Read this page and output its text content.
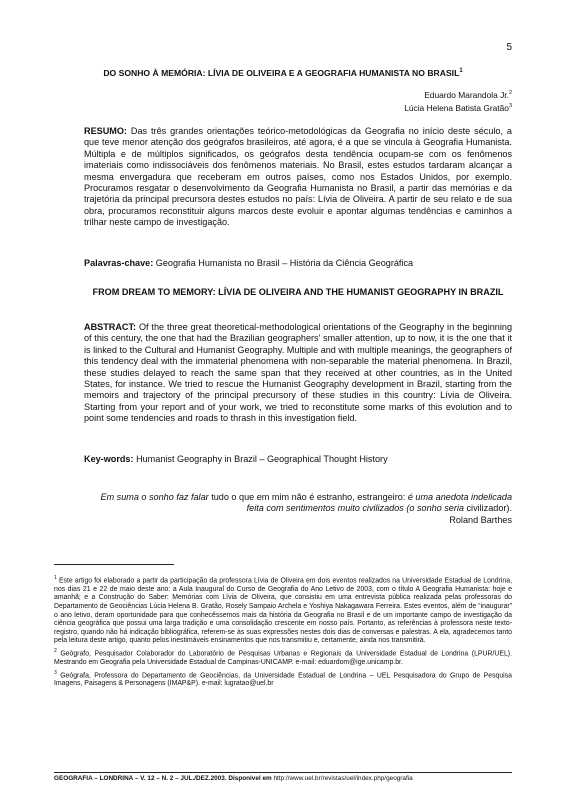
5
DO SONHO À MEMÓRIA: LÍVIA DE OLIVEIRA E A GEOGRAFIA HUMANISTA NO BRASIL$^1$
Eduardo Marandola Jr.$^2$
Lúcia Helena Batista Gratão$^3$
RESUMO: Das três grandes orientações teórico-metodológicas da Geografia no início deste século, a que teve menor atenção dos geógrafos brasileiros, até agora, é a que se vincula à Geografia Humanista. Múltipla e de múltiplos significados, os geógrafos desta tendência ocupam-se com os fenômenos imateriais como indissociáveis dos fenômenos materiais. No Brasil, estes estudos tardaram alcançar a mesma envergadura que receberam em outros países, como nos Estados Unidos, por exemplo. Procuramos resgatar o desenvolvimento da Geografia Humanista no Brasil, a partir das memórias e da trajetória da principal precursora destes estudos no país: Lívia de Oliveira. A partir de seu relato e de sua obra, procuramos reconstituir alguns marcos deste evoluir e apontar algumas tendências e caminhos a trilhar neste campo de investigação.
Palavras-chave: Geografia Humanista no Brasil – História da Ciência Geográfica
FROM DREAM TO MEMORY: LÍVIA DE OLIVEIRA AND THE HUMANIST GEOGRAPHY IN BRAZIL
ABSTRACT: Of the three great theoretical-methodological orientations of the Geography in the beginning of this century, the one that had the Brazilian geographers' smaller attention, up to now, it is the one that it is linked to the Cultural and Humanist Geography. Multiple and with multiple meanings, the geographers of this tendency deal with the immaterial phenomena with non-separable the material phenomena. In Brazil, these studies delayed to reach the same span that they received at other countries, as in the United States, for instance. We tried to rescue the Humanist Geography development in Brazil, starting from the memoirs and trajectory of the principal precursory of these studies in this country: Lívia de Oliveira. Starting from your report and of your work, we tried to reconstitute some marks of this evolution and to point some tendencies and roads to thrash in this investigation field.
Key-words: Humanist Geography in Brazil – Geographical Thought History
Em suma o sonho faz falar tudo o que em mim não é estranho, estrangeiro: é uma anedota indelicada feita com sentimentos muito civilizados (o sonho seria civilizador).
Roland Barthes

$^1$ Este artigo foi elaborado a partir da participação da professora Lívia de Oliveira em dois eventos realizados na Universidade Estadual de Londrina, nos dias 21 e 22 de maio deste ano: a Aula Inaugural do Curso de Geografia do Ano Letivo de 2003, com o título A Geografia Humanista: hoje e amanhã; e a Construção do Saber: Memórias com Lívia de Oliveira, que consistiu em uma entrevista pública realizada pelas professoras do Departamento de Geociências Lúcia Helena B. Gratão, Rosely Sampaio Archela e Yoshiya Nakagawara Ferreira. Estes eventos, além de “inaugurar” o ano letivo, deram oportunidade para que conhecêssemos mais da história da Geografia no Brasil e de um importante campo de investigação da ciência geográfica que possui uma larga tradição e uma consolidação crescente em nosso país. Portanto, as referências à professora neste texto-registro, quando não há indicação bibliográfica, referem-se às suas expressões nestes dois dias de conversas e palestras. A ela, agradecemos tanto pela leitura deste artigo, quanto pelos inestimáveis ensinamentos que nos transmitiu e, certamente, ainda nos transmitirá.

$^2$ Geógrafo, Pesquisador Colaborador do Laboratório de Pesquisas Urbanas e Regionais da Universidade Estadual de Londrina (LPUR/UEL). Mestrando em Geografia pela Universidade Estadual de Campinas-UNICAMP. e-mail: eduardom@ige.unicamp.br.

$^3$ Geógrafa, Professora do Departamento de Geociências, da Universidade Estadual de Londrina – UEL Pesquisadora do Grupo de Pesquisa Imagens, Paisagens & Personagens (IMAP&P). e-mail: lugratao@uel.br

GEOGRAFIA – LONDRINA – V. 12 – N. 2 – JUL./DEZ.2003. Disponível em http://www.uel.br/revistas/uel/index.php/geografia
